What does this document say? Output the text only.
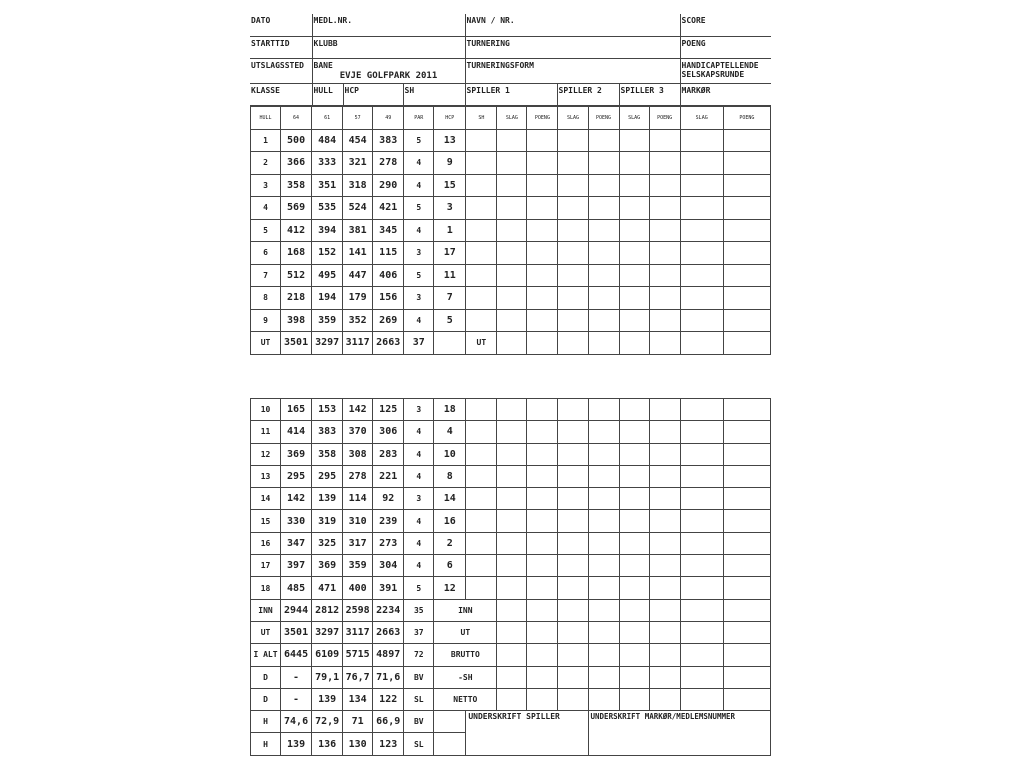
DATO	MEDL.NR.			NAVN / NR.			SCORE
STARTTID	KLUBB			TURNERING			POENG
UTSLAGSSTED	BANE
EVJE GOLFPARK 2011			TURNERINGSFORM			HANDICAPTELLENDE
SELSKAPSRUNDE
KLASSE	HULL	HCP	SH	SPILLER 1	SPILLER 2	SPILLER 3	MARKØR
HULL	64	61	57	49	PAR	HCP	SH	SLAG	POENG	SLAG	POENG	SLAG	POENG	SLAG	POENG
1	500	484	454	383	5	13									
2	366	333	321	278	4	9									
3	358	351	318	290	4	15									
4	569	535	524	421	5	3									
5	412	394	381	345	4	1									
6	168	152	141	115	3	17									
7	512	495	447	406	5	11									
8	218	194	179	156	3	7									
9	398	359	352	269	4	5									
UT	3501	3297	3117	2663	37		UT								
10	165	153	142	125	3	18									
11	414	383	370	306	4	4									
12	369	358	308	283	4	10									
13	295	295	278	221	4	8									
14	142	139	114	92	3	14									
15	330	319	310	239	4	16									
16	347	325	317	273	4	2									
17	397	369	359	304	4	6									
18	485	471	400	391	5	12									
INN	2944	2812	2598	2234	35	INN									
UT	3501	3297	3117	2663	37	UT									
I ALT	6445	6109	5715	4897	72	BRUTTO									
D	-	79,1	76,7	71,6	BV	-SH									
D	-	139	134	122	SL	NETTO									
H	74,6	72,9	71	66,9	BV		UNDERSKRIFT SPILLER				UNDERSKRIFT MARKØR/MEDLEMSNUMMER				
H	139	136	130	123	SL										
